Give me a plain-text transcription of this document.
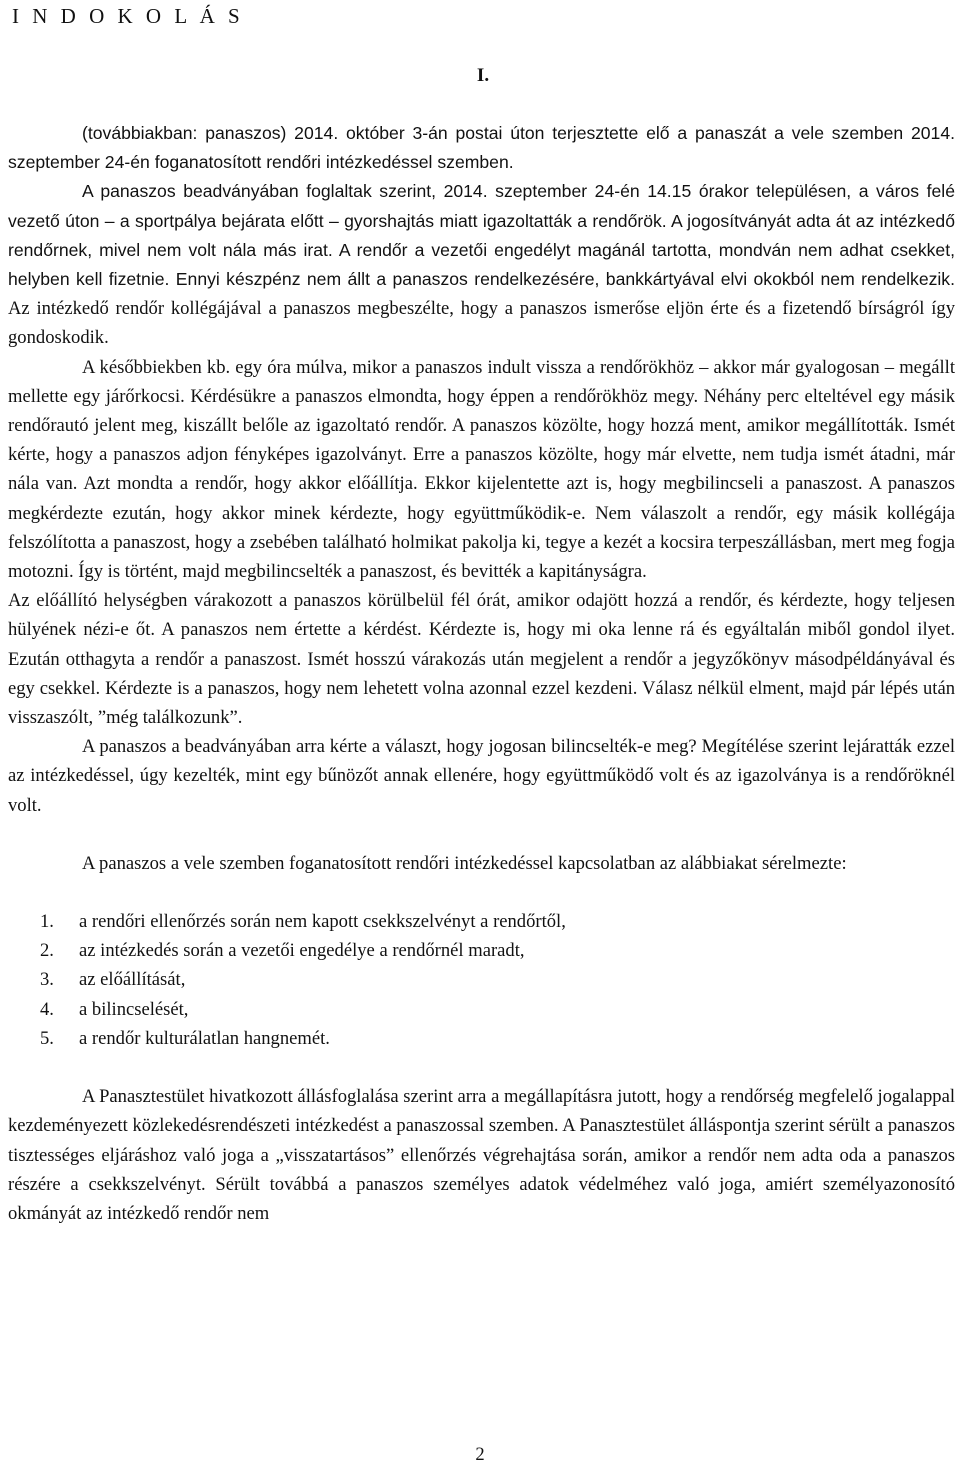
I N D O K O L Á S
I.

(továbbiakban: panaszos) 2014. október 3-án postai úton terjesztette elő a panaszát a vele szemben 2014. szeptember 24-én foganatosított rendőri intézkedéssel szemben.

A panaszos beadványában foglaltak szerint, 2014. szeptember 24-én 14.15 órakor településen, a város felé vezető úton – a sportpálya bejárata előtt – gyorshajtás miatt igazoltatták a rendőrök. A jogosítványát adta át az intézkedő rendőrnek, mivel nem volt nála más irat. A rendőr a vezetői engedélyt magánál tartotta, mondván nem adhat csekket, helyben kell fizetnie. Ennyi készpénz nem állt a panaszos rendelkezésére, bankkártyával elvi okokból nem rendelkezik. Az intézkedő rendőr kollégájával a panaszos megbeszélte, hogy a panaszos ismerőse eljön érte és a fizetendő bírságról így gondoskodik.

A későbbiekben kb. egy óra múlva, mikor a panaszos indult vissza a rendőrökhöz – akkor már gyalogosan – megállt mellette egy járőrkocsi. Kérdésükre a panaszos elmondta, hogy éppen a rendőrökhöz megy. Néhány perc elteltével egy másik rendőrautó jelent meg, kiszállt belőle az igazoltató rendőr. A panaszos közölte, hogy hozzá ment, amikor megállították. Ismét kérte, hogy a panaszos adjon fényképes igazolványt. Erre a panaszos közölte, hogy már elvette, nem tudja ismét átadni, már nála van. Azt mondta a rendőr, hogy akkor előállítja. Ekkor kijelentette azt is, hogy megbilincseli a panaszost. A panaszos megkérdezte ezután, hogy akkor minek kérdezte, hogy együttműködik-e. Nem válaszolt a rendőr, egy másik kollégája felszólította a panaszost, hogy a zsebében található holmikat pakolja ki, tegye a kezét a kocsira terpeszállásban, mert meg fogja motozni. Így is történt, majd megbilincselték a panaszost, és bevitték a kapitányságra.

Az előállító helységben várakozott a panaszos körülbelül fél órát, amikor odajött hozzá a rendőr, és kérdezte, hogy teljesen hülyének nézi-e őt. A panaszos nem értette a kérdést. Kérdezte is, hogy mi oka lenne rá és egyáltalán miből gondol ilyet. Ezután otthagyta a rendőr a panaszost. Ismét hosszú várakozás után megjelent a rendőr a jegyzőkönyv másodpéldányával és egy csekkel. Kérdezte is a panaszos, hogy nem lehetett volna azonnal ezzel kezdeni. Válasz nélkül elment, majd pár lépés után visszaszólt, ”még találkozunk”.

A panaszos a beadványában arra kérte a választ, hogy jogosan bilincselték-e meg? Megítélése szerint lejáratták ezzel az intézkedéssel, úgy kezelték, mint egy bűnözőt annak ellenére, hogy együttműködő volt és az igazolványa is a rendőröknél volt.

A panaszos a vele szemben foganatosított rendőri intézkedéssel kapcsolatban az alábbiakat sérelmezte:

1. a rendőri ellenőrzés során nem kapott csekkszelvényt a rendőrtől,
2. az intézkedés során a vezetői engedélye a rendőrnél maradt,
3. az előállítását,
4. a bilincselését,
5. a rendőr kulturálatlan hangnemét.

A Panasztestület hivatkozott állásfoglalása szerint arra a megállapításra jutott, hogy a rendőrség megfelelő jogalappal kezdeményezett közlekedésrendészeti intézkedést a panaszossal szemben. A Panasztestület álláspontja szerint sérült a panaszos tisztességes eljáráshoz való joga a „visszatartásos” ellenőrzés végrehajtása során, amikor a rendőr nem adta oda a panaszos részére a csekkszelvényt. Sérült továbbá a panaszos személyes adatok védelméhez való joga, amiért személyazonosító okmányát az intézkedő rendőr nem

2
